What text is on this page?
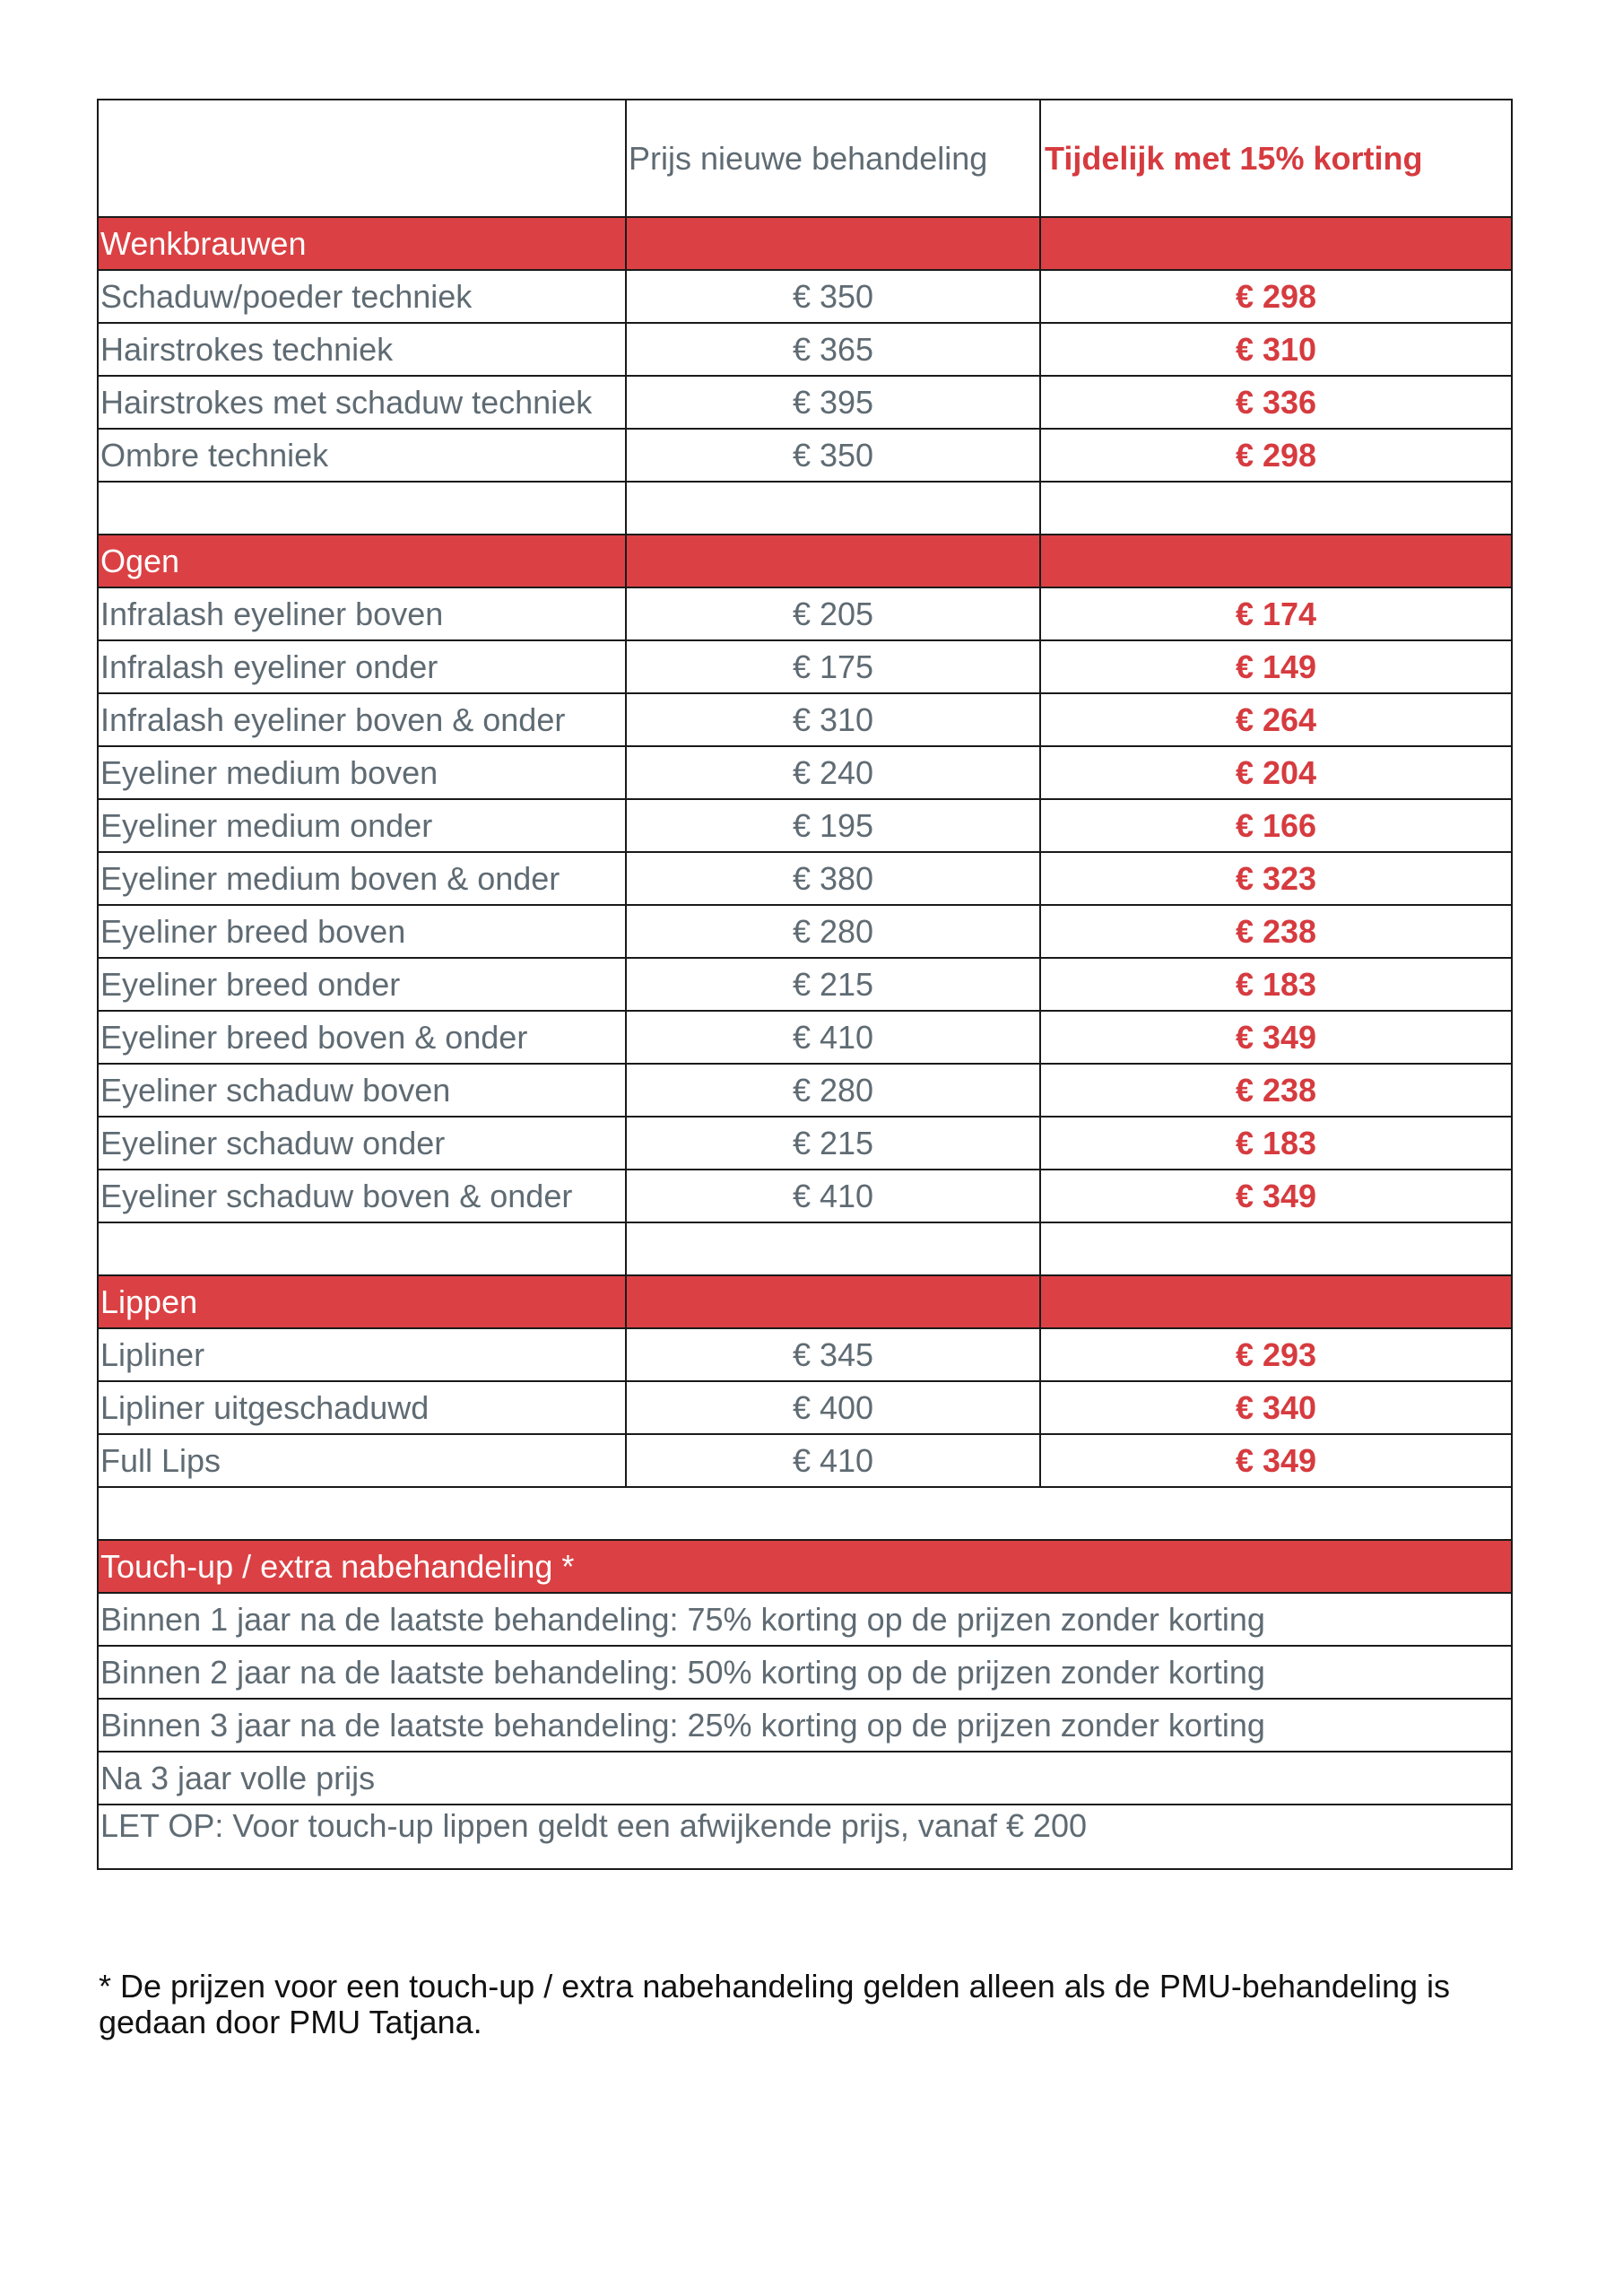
	Prijs nieuwe behandeling	Tijdelijk met 15% korting
Wenkbrauwen		
Schaduw/poeder techniek	€ 350	€ 298
Hairstrokes techniek	€ 365	€ 310
Hairstrokes met schaduw techniek	€ 395	€ 336
Ombre techniek	€ 350	€ 298

Ogen		
Infralash eyeliner boven	€ 205	€ 174
Infralash eyeliner onder	€ 175	€ 149
Infralash eyeliner boven & onder	€ 310	€ 264
Eyeliner medium boven	€ 240	€ 204
Eyeliner medium onder	€ 195	€ 166
Eyeliner medium boven & onder	€ 380	€ 323
Eyeliner breed boven	€ 280	€ 238
Eyeliner breed onder	€ 215	€ 183
Eyeliner breed boven & onder	€ 410	€ 349
Eyeliner schaduw boven	€ 280	€ 238
Eyeliner schaduw onder	€ 215	€ 183
Eyeliner schaduw boven & onder	€ 410	€ 349

Lippen		
Lipliner	€ 345	€ 293
Lipliner uitgeschaduwd	€ 400	€ 340
Full Lips	€ 410	€ 349

Touch-up / extra nabehandeling *		
Binnen 1 jaar na de laatste behandeling: 75% korting op de prijzen zonder korting		
Binnen 2 jaar na de laatste behandeling: 50% korting op de prijzen zonder korting		
Binnen 3 jaar na de laatste behandeling: 25% korting op de prijzen zonder korting		
Na 3 jaar volle prijs		
LET OP: Voor touch-up lippen geldt een afwijkende prijs, vanaf € 200		
* De prijzen voor een touch-up / extra nabehandeling gelden alleen als de PMU-behandeling is
gedaan door PMU Tatjana.
